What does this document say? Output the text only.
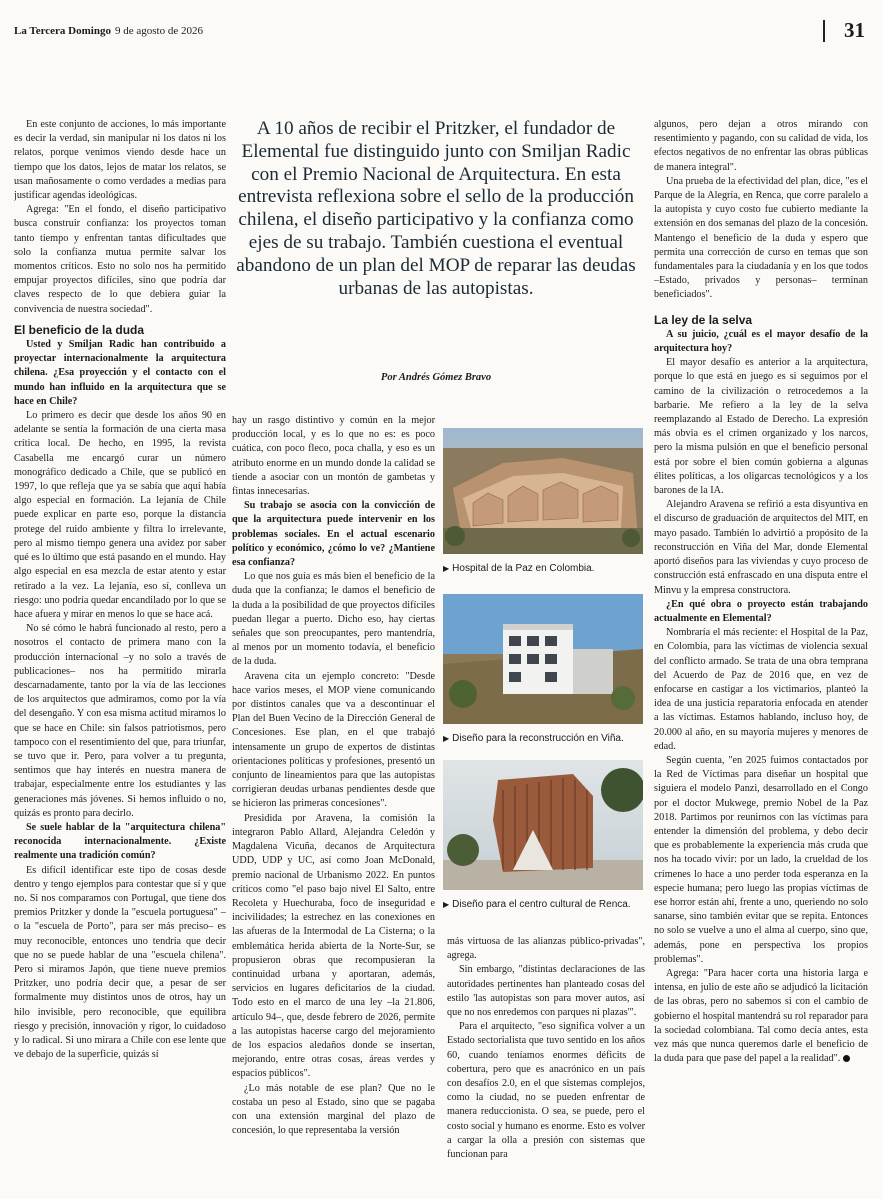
La Tercera Domingo 9 de agosto de 2026	31

En este conjunto de acciones, lo más importante es decir la verdad, sin manipular ni los datos ni los relatos, porque venimos viendo desde hace un tiempo que los datos, lejos de matar los relatos, se usan mañosamente o como verdades a medias para justificar agendas ideológicas.

Agrega: "En el fondo, el diseño participativo busca construir confianza: los proyectos toman tanto tiempo y enfrentan tantas dificultades que solo la confianza mutua permite salvar los momentos críticos. Esto no solo nos ha permitido empujar proyectos difíciles, sino que podría dar claves respecto de lo que debiera guiar la convivencia de nuestra sociedad".

El beneficio de la duda

Usted y Smiljan Radic han contribuido a proyectar internacionalmente la arquitectura chilena. ¿Esa proyección y el contacto con el mundo han influido en la arquitectura que se hace en Chile?

Lo primero es decir que desde los años 90 en adelante se sentía la formación de una cierta masa crítica local. De hecho, en 1995, la revista Casabella me encargó curar un número monográfico dedicado a Chile, que se publicó en 1997, lo que refleja que ya se sabía que aquí había algo especial en formación. La lejanía de Chile puede explicar en parte eso, porque la distancia protege del ruido ambiente y filtra lo irrelevante, pero al mismo tiempo genera una avidez por saber qué es lo último que está pasando en el mundo. Hay algo especial en esa mezcla de estar atento y estar retirado a la vez. La lejanía, eso sí, conlleva un riesgo: uno podría quedar encandilado por lo que se hace afuera y mirar en menos lo que se hace acá.

No sé cómo le habrá funcionado al resto, pero a nosotros el contacto de primera mano con la producción internacional –y no solo a través de publicaciones– nos ha permitido mirarla descarnadamente, tanto por la vía de las lecciones de los arquitectos que admiramos, como por la vía del desengaño. Y con esa misma actitud miramos lo que se hace en Chile: sin falsos patriotismos, pero tampoco con el resentimiento del que, para triunfar, se tuvo que ir. Pero, para volver a tu pregunta, sentimos que hay interés en nuestra manera de trabajar, especialmente entre los estudiantes y las generaciones más jóvenes. Si hemos influido o no, quizás es pronto para decirlo.

Se suele hablar de la "arquitectura chilena" reconocida internacionalmente. ¿Existe realmente una tradición común?

Es difícil identificar este tipo de cosas desde dentro y tengo ejemplos para contestar que sí y que no. Si nos comparamos con Portugal, que tiene dos premios Pritzker y donde la "escuela portuguesa" –o la "escuela de Porto", para ser más preciso– es muy reconocible, entonces uno tendría que decir que no se puede hablar de una "escuela chilena". Pero si miramos Japón, que tiene nueve premios Pritzker, uno podría decir que, a pesar de ser formalmente muy distintos unos de otros, hay un hilo invisible, pero reconocible, que equilibra riesgo y precisión, innovación y rigor, lo cuidadoso y lo radical. Si uno mirara a Chile con ese lente que ve debajo de la superficie, quizás sí

A 10 años de recibir el Pritzker, el fundador de Elemental fue distinguido junto con Smiljan Radic con el Premio Nacional de Arquitectura. En esta entrevista reflexiona sobre el sello de la producción chilena, el diseño participativo y la confianza como ejes de su trabajo. También cuestiona el eventual abandono de un plan del MOP de reparar las deudas urbanas de las autopistas.
Por Andrés Gómez Bravo

hay un rasgo distintivo y común en la mejor producción local, y es lo que no es: es poco cuática, con poco fleco, poca challa, y eso es un atributo enorme en un mundo donde la calidad se tiende a asociar con un montón de gambetas y fintas innecesarias.

Su trabajo se asocia con la convicción de que la arquitectura puede intervenir en los problemas sociales. En el actual escenario político y económico, ¿cómo lo ve? ¿Mantiene esa confianza?

Lo que nos guía es más bien el beneficio de la duda que la confianza; le damos el beneficio de la duda a la posibilidad de que proyectos difíciles puedan llegar a puerto. Dicho eso, hay ciertas señales que son preocupantes, pero mantendría, al menos por un momento todavía, el beneficio de la duda.

Aravena cita un ejemplo concreto: "Desde hace varios meses, el MOP viene comunicando por distintos canales que va a descontinuar el Plan del Buen Vecino de la Dirección General de Concesiones. Ese plan, en el que trabajó intensamente un grupo de expertos de distintas orientaciones políticas y profesiones, presentó un conjunto de lineamientos para que las autopistas corrigieran deudas urbanas pendientes desde que se hicieron las primeras concesiones".

Presidida por Aravena, la comisión la integraron Pablo Allard, Alejandra Celedón y Magdalena Vicuña, decanos de Arquitectura UDD, UDP y UC, así como Joan McDonald, premio nacional de Urbanismo 2022. En puntos críticos como "el paso bajo nivel El Salto, entre Recoleta y Huechuraba, foco de inseguridad e incivilidades; la estrechez en las conexiones en las afueras de la Intermodal de La Cisterna; o la emblemática herida abierta de la Norte-Sur, se propusieron obras que recompusieran la continuidad urbana y aportaran, además, servicios en lugares deficitarios de la ciudad. Todo esto en el marco de una ley –la 21.806, artículo 94–, que, desde febrero de 2026, permite a las autopistas hacerse cargo del mejoramiento de los espacios aledaños donde se insertan, mejorando, entre otras cosas, áreas verdes y espacios públicos".

¿Lo más notable de ese plan? Que no le costaba un peso al Estado, sino que se pagaba con una extensión marginal del plazo de concesión, lo que representaba la versión

▶ Hospital de la Paz en Colombia.
▶ Diseño para la reconstrucción en Viña.
▶ Diseño para el centro cultural de Renca.

más virtuosa de las alianzas público-privadas", agrega.

Sin embargo, "distintas declaraciones de las autoridades pertinentes han planteado cosas del estilo 'las autopistas son para mover autos, así que no nos enredemos con parques ni plazas'".

Para el arquitecto, "eso significa volver a un Estado sectorialista que tuvo sentido en los años 60, cuando teníamos enormes déficits de cobertura, pero que es anacrónico en un país con desafíos 2.0, en el que sistemas complejos, como la ciudad, no se pueden enfrentar de manera reduccionista. O sea, se puede, pero el costo social y humano es enorme. Esto es volver a cargar la olla a presión con sistemas que funcionan para

algunos, pero dejan a otros mirando con resentimiento y pagando, con su calidad de vida, los efectos negativos de no enfrentar las obras públicas de manera integral".

Una prueba de la efectividad del plan, dice, "es el Parque de la Alegría, en Renca, que corre paralelo a la autopista y cuyo costo fue cubierto mediante la extensión en dos semanas del plazo de la concesión. Mantengo el beneficio de la duda y espero que permita una corrección de curso en temas que son fundamentales para la ciudadanía y en los que todos –Estado, privados y personas– terminan beneficiados".

La ley de la selva

A su juicio, ¿cuál es el mayor desafío de la arquitectura hoy?

El mayor desafío es anterior a la arquitectura, porque lo que está en juego es si seguimos por el camino de la civilización o retrocedemos a la barbarie. Me refiero a la ley de la selva reemplazando al Estado de Derecho. La expresión más obvia es el crimen organizado y los narcos, pero la misma pulsión en que el beneficio personal está por sobre el bien común gobierna a algunas élites políticas, a los oligarcas tecnológicos y a los barones de la IA.

Alejandro Aravena se refirió a esta disyuntiva en el discurso de graduación de arquitectos del MIT, en mayo pasado. También lo advirtió a propósito de la reconstrucción en Viña del Mar, donde Elemental aportó diseños para las viviendas y cuyo proceso de construcción está enfrascado en una disputa entre el Minvu y la empresa constructora.

¿En qué obra o proyecto están trabajando actualmente en Elemental?

Nombraría el más reciente: el Hospital de la Paz, en Colombia, para las víctimas de violencia sexual del conflicto armado. Se trata de una obra temprana del Acuerdo de Paz de 2016 que, en vez de enfocarse en castigar a los victimarios, planteó la idea de una justicia reparatoria enfocada en atender a las víctimas. Estamos hablando, incluso hoy, de 20.000 al año, en su mayoría mujeres y menores de edad.

Según cuenta, "en 2025 fuimos contactados por la Red de Víctimas para diseñar un hospital que siguiera el modelo Panzi, desarrollado en el Congo por el doctor Mukwege, premio Nobel de la Paz 2018. Partimos por reunirnos con las víctimas para entender la dimensión del problema, y debo decir que es probablemente la experiencia más cruda que nos ha tocado vivir: por un lado, la crueldad de los crímenes lo hace a uno perder toda esperanza en la especie humana; pero luego las propias víctimas de ese horror están ahí, frente a uno, queriendo no solo sanarse, sino también evitar que se repita. Entonces no solo se vuelve a uno el alma al cuerpo, sino que, además, pone en perspectiva los propios problemas".

Agrega: "Para hacer corta una historia larga e intensa, en julio de este año se adjudicó la licitación de las obras, pero no sabemos si con el cambio de gobierno el hospital mantendrá su rol reparador para la sociedad colombiana. Tal como decía antes, esta vez más que nunca queremos darle el beneficio de la duda para que pase del papel a la realidad".
